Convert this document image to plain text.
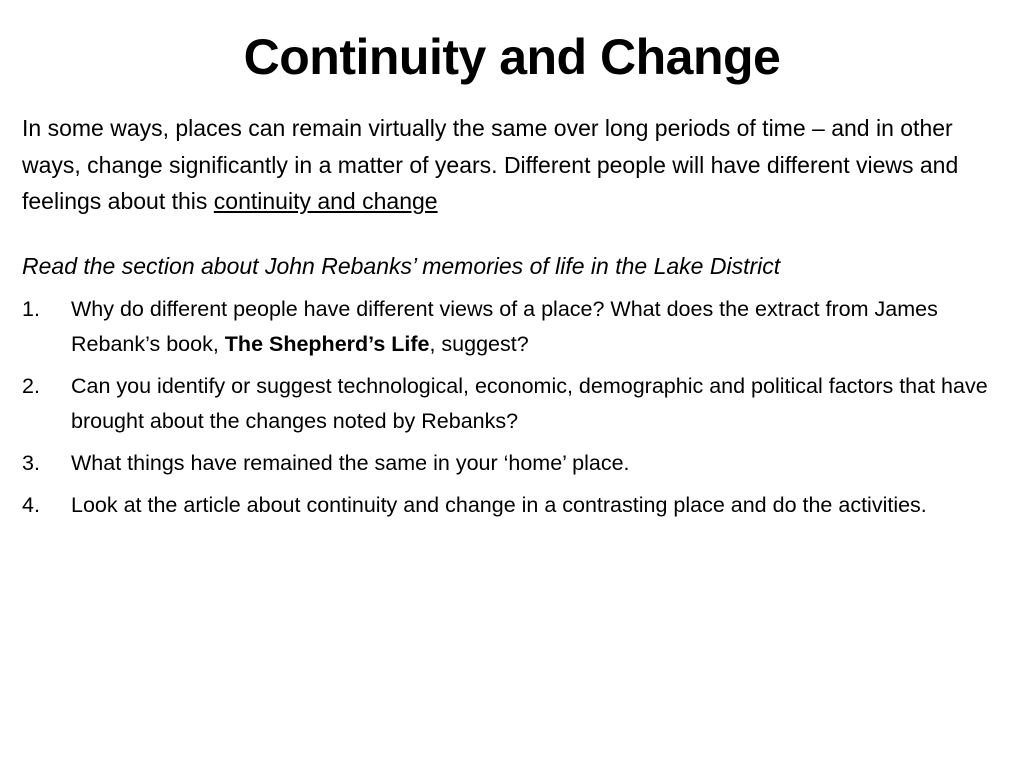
Continuity and Change
In some ways, places can remain virtually the same over long periods of time – and in other ways, change significantly in a matter of years. Different people will have different views and feelings about this continuity and change
Read the section about John Rebanks’ memories of life in the Lake District
1. Why do different people have different views of a place? What does the extract from James Rebank’s book, The Shepherd’s Life, suggest?
2. Can you identify or suggest technological, economic, demographic and political factors that have brought about the changes noted by Rebanks?
3. What things have remained the same in your ‘home’ place.
4. Look at the article about continuity and change in a contrasting place and do the activities.
